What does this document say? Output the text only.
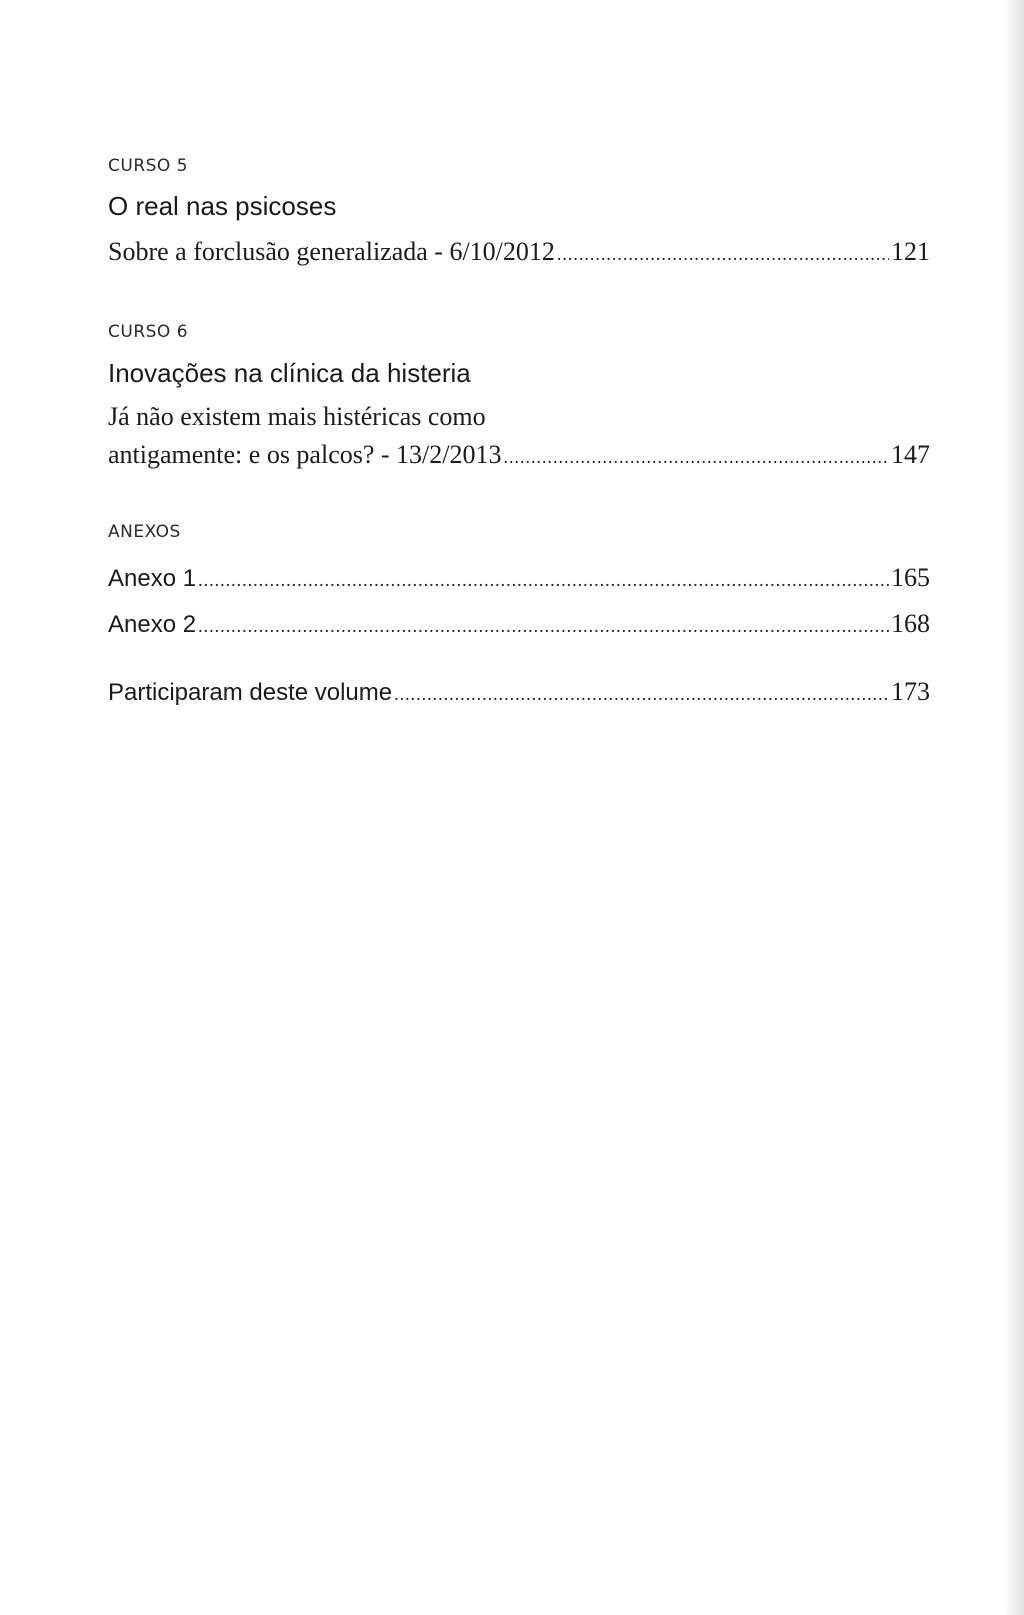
CURSO 5
O real nas psicoses
Sobre a forclusão generalizada - 6/10/2012 .....	121
CURSO 6
Inovações na clínica da histeria
Já não existem mais histéricas como
antigamente: e os palcos? - 13/2/2013 .....	147
ANEXOS
Anexo 1 .....	165
Anexo 2 .....	168
Participaram deste volume .....	173
